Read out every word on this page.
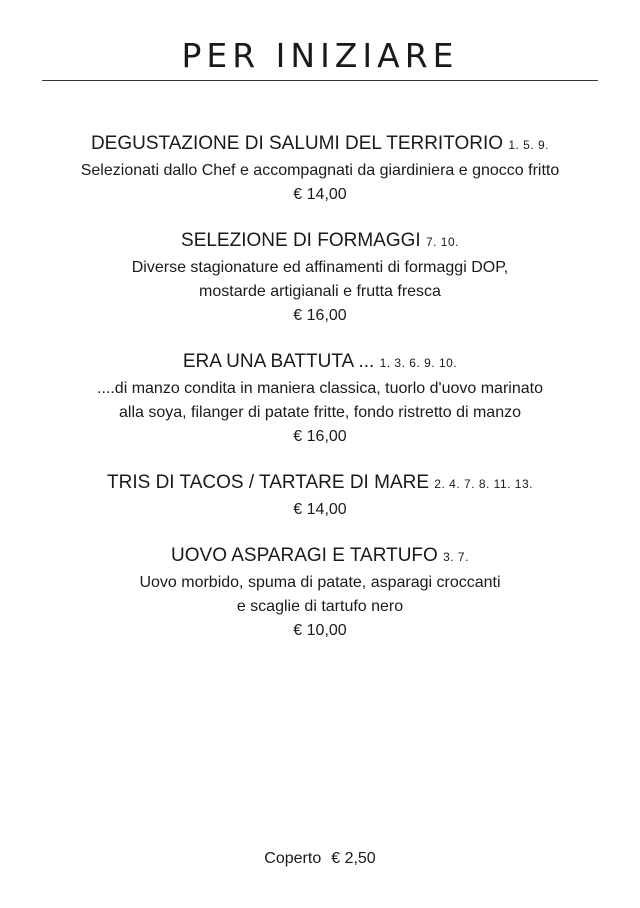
PER INIZIARE
DEGUSTAZIONE DI SALUMI DEL TERRITORIO 1. 5. 9.
Selezionati dallo Chef e accompagnati da giardiniera e gnocco fritto
€ 14,00
SELEZIONE DI FORMAGGI 7. 10.
Diverse stagionature ed affinamenti di formaggi DOP,
mostarde artigianali e frutta fresca
€ 16,00
ERA UNA BATTUTA ... 1. 3. 6. 9. 10.
....di manzo condita in maniera classica, tuorlo d'uovo marinato
alla soya, filanger di patate fritte, fondo ristretto di manzo
€ 16,00
TRIS DI TACOS / TARTARE DI MARE 2. 4. 7. 8. 11. 13.
€ 14,00
UOVO ASPARAGI E TARTUFO 3. 7.
Uovo morbido, spuma di patate, asparagi croccanti
e scaglie di tartufo nero
€ 10,00
Coperto € 2,50
